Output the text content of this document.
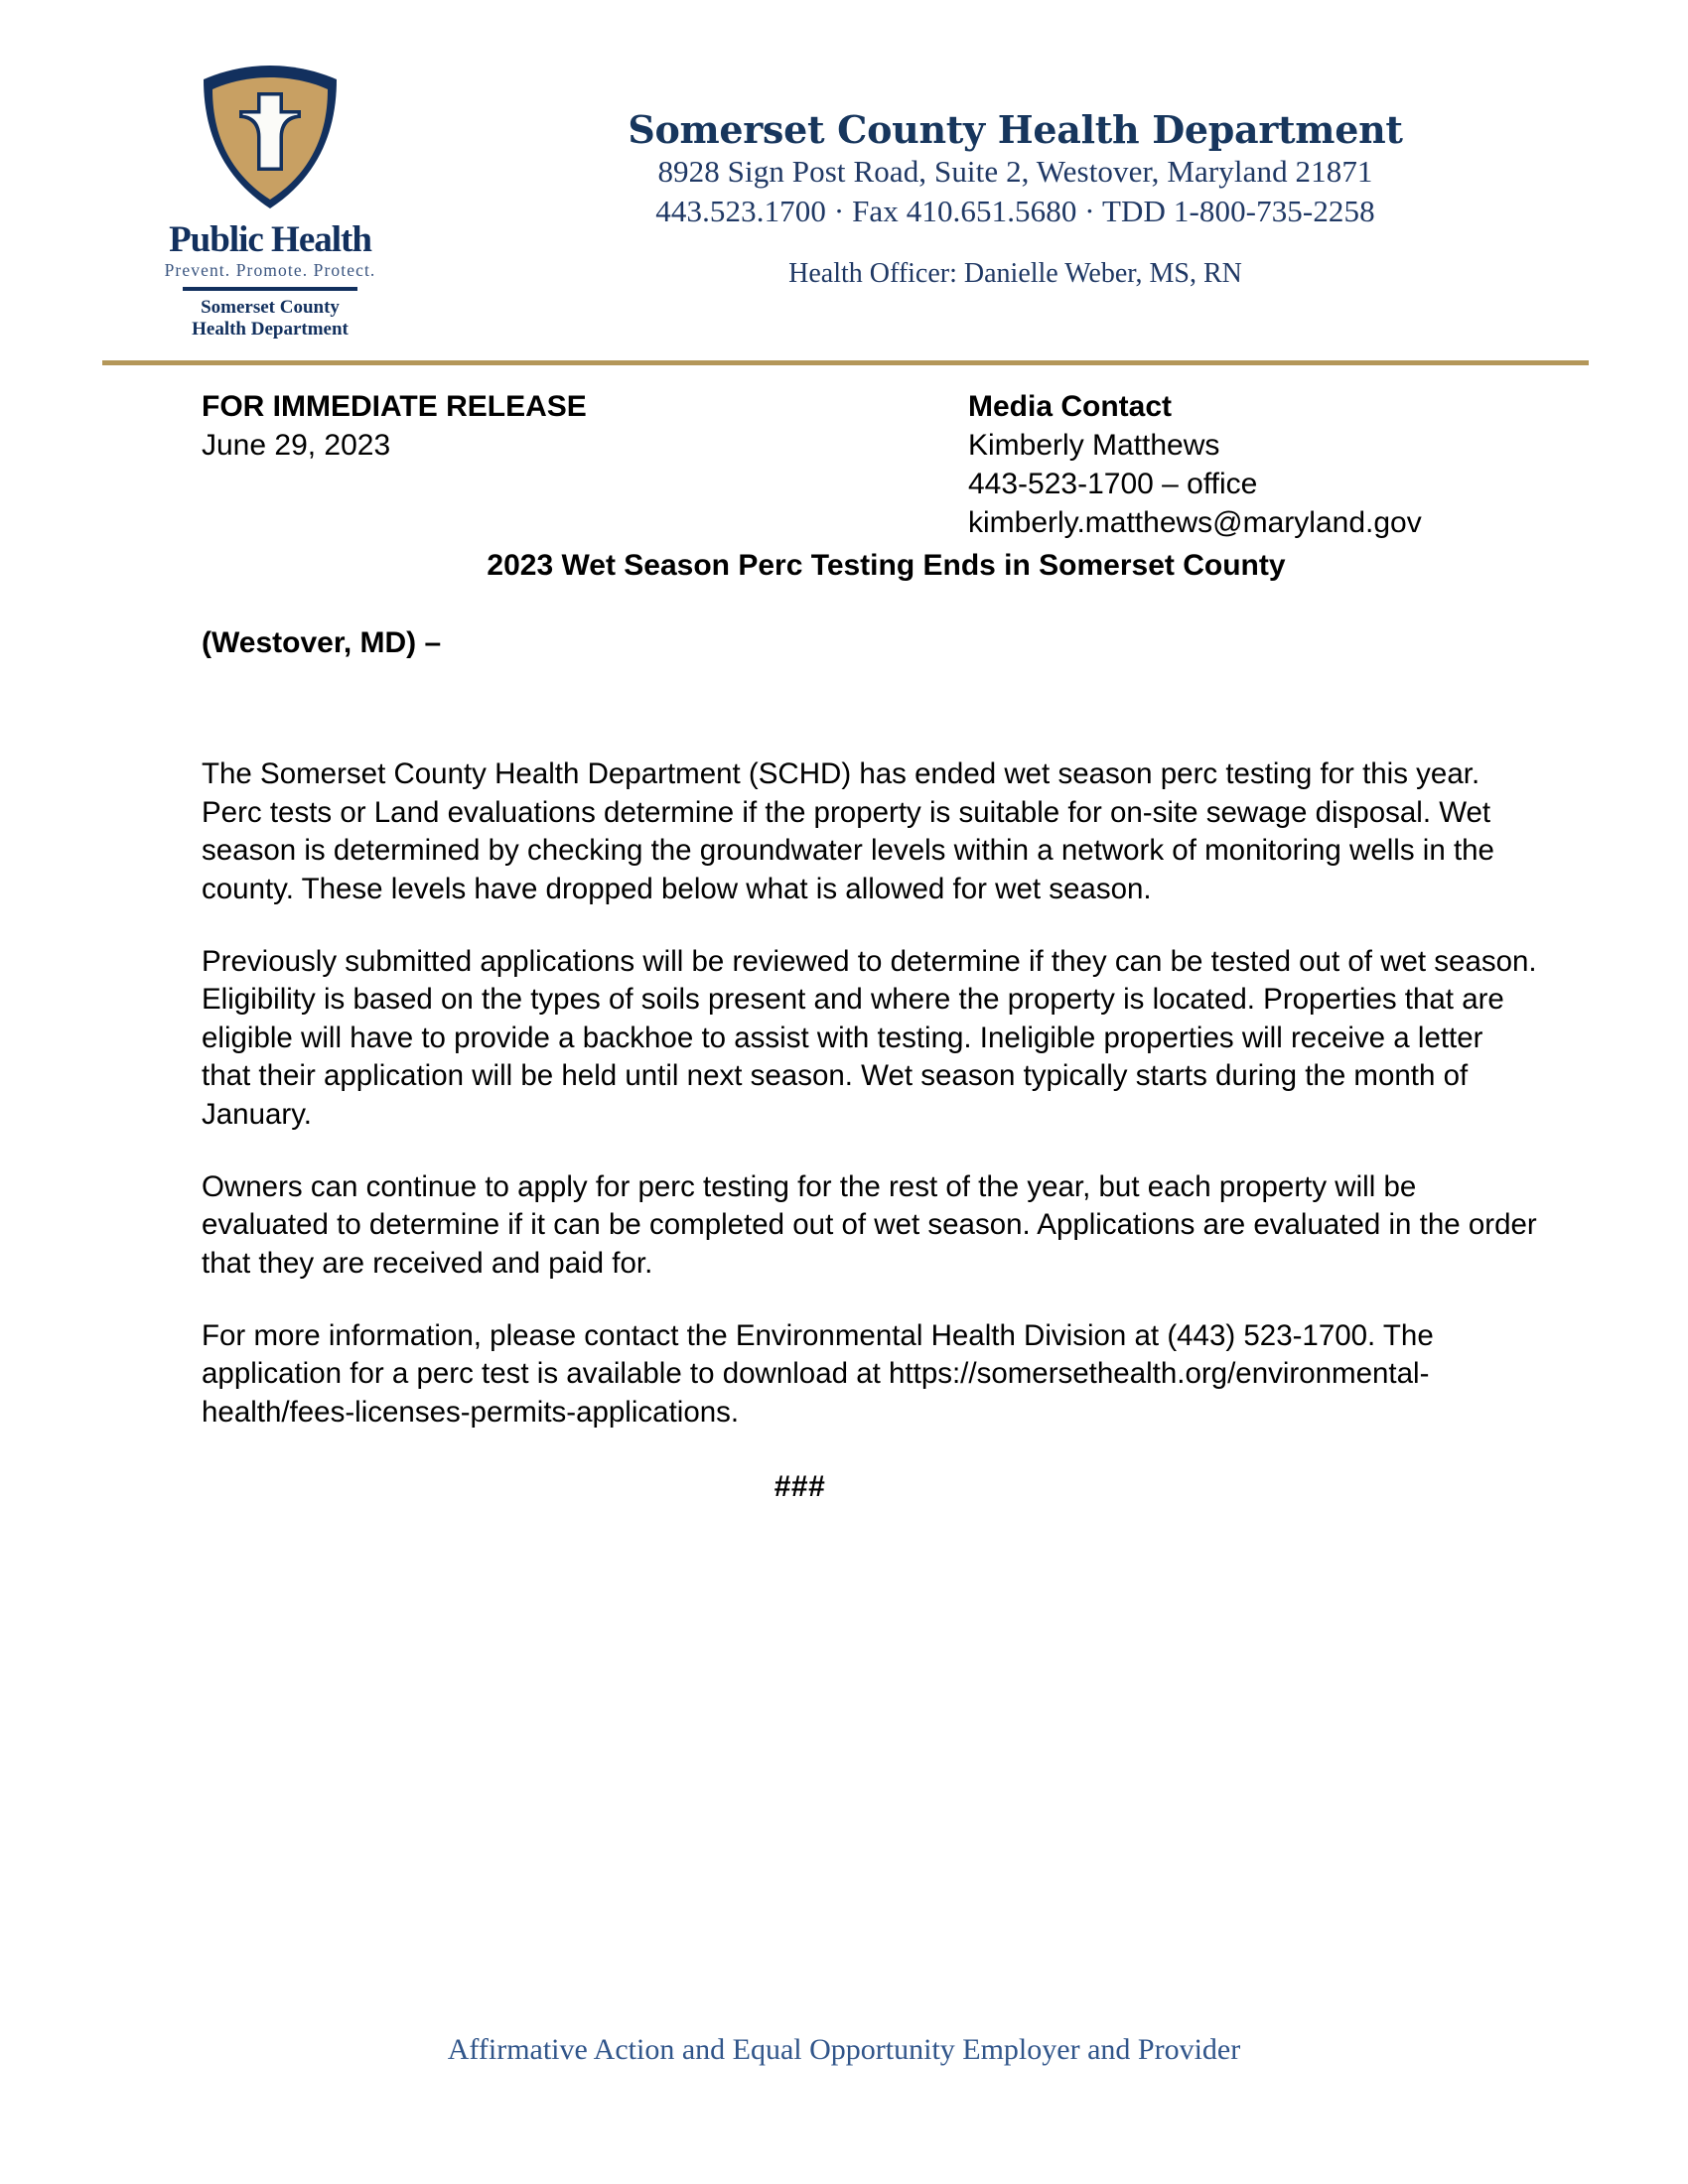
Public Health
Prevent. Promote. Protect.
Somerset County
Health Department
Somerset County Health Department
8928 Sign Post Road, Suite 2, Westover, Maryland 21871
443.523.1700 · Fax 410.651.5680 · TDD 1-800-735-2258
Health Officer: Danielle Weber, MS, RN
FOR IMMEDIATE RELEASE
June 29, 2023
Media Contact
Kimberly Matthews
443-523-1700 – office
kimberly.matthews@maryland.gov
2023 Wet Season Perc Testing Ends in Somerset County
(Westover, MD) –
The Somerset County Health Department (SCHD) has ended wet season perc testing for this year. Perc tests or Land evaluations determine if the property is suitable for on-site sewage disposal. Wet season is determined by checking the groundwater levels within a network of monitoring wells in the county. These levels have dropped below what is allowed for wet season.
Previously submitted applications will be reviewed to determine if they can be tested out of wet season. Eligibility is based on the types of soils present and where the property is located. Properties that are eligible will have to provide a backhoe to assist with testing. Ineligible properties will receive a letter that their application will be held until next season. Wet season typically starts during the month of January.
Owners can continue to apply for perc testing for the rest of the year, but each property will be evaluated to determine if it can be completed out of wet season. Applications are evaluated in the order that they are received and paid for.
For more information, please contact the Environmental Health Division at (443) 523-1700. The application for a perc test is available to download at https://somersethealth.org/environmental-health/fees-licenses-permits-applications.
###
Affirmative Action and Equal Opportunity Employer and Provider
